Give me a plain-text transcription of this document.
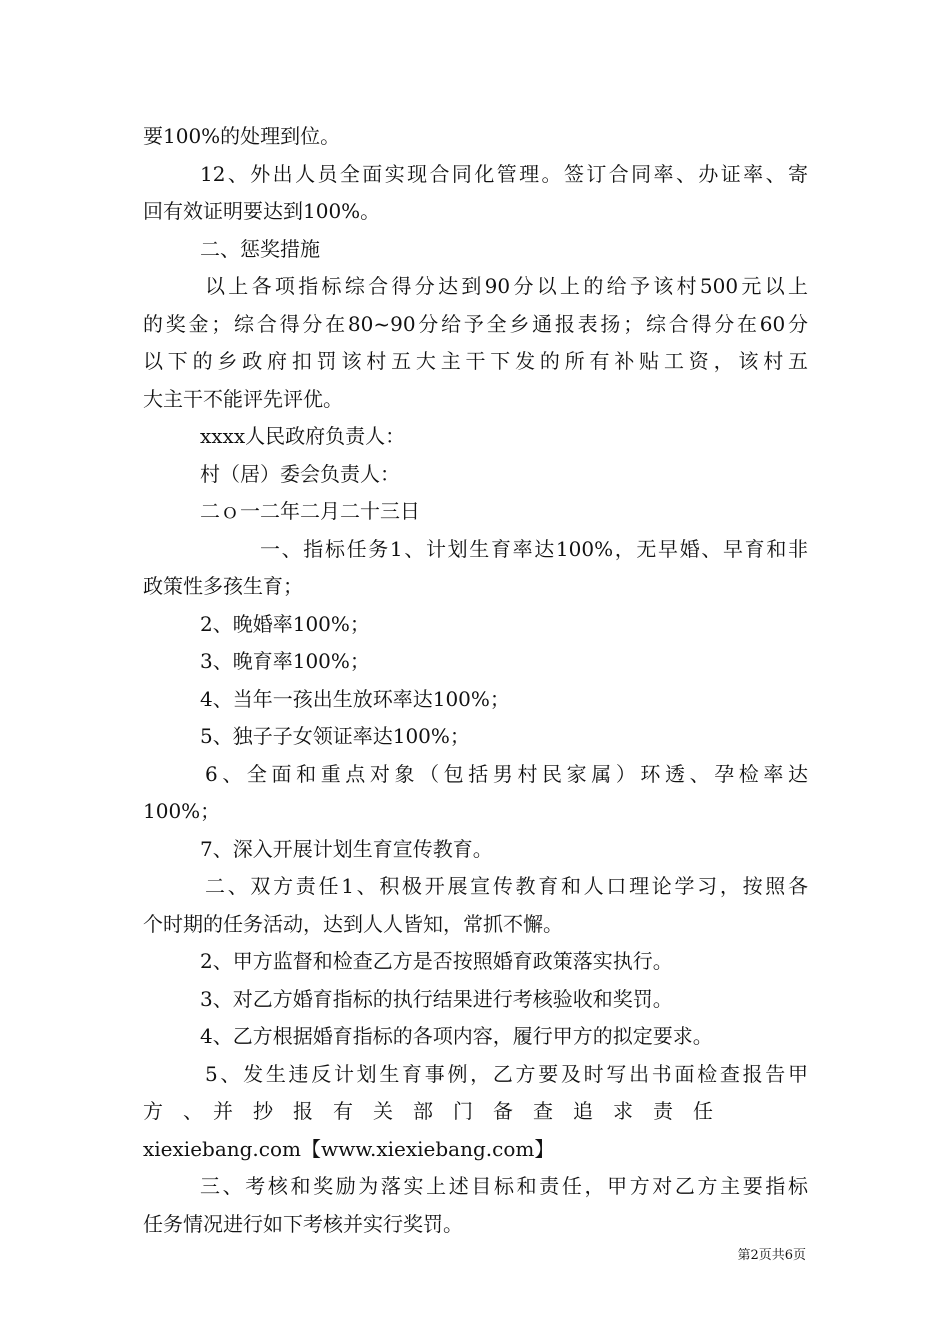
要100%的处理到位。
12、外出人员全面实现合同化管理。签订合同率、办证率、寄
回有效证明要达到100%。
二、惩奖措施
以上各项指标综合得分达到90分以上的给予该村500元以上
的奖金；综合得分在80~90分给予全乡通报表扬；综合得分在60分
以下的乡政府扣罚该村五大主干下发的所有补贴工资，该村五
大主干不能评先评优。
xxxx人民政府负责人：
村（居）委会负责人：
二ｏ一二年二月二十三日
一、指标任务1、计划生育率达100%，无早婚、早育和非
政策性多孩生育；
2、晚婚率100%；
3、晚育率100%；
4、当年一孩出生放环率达100%；
5、独子子女领证率达100%；
6、全面和重点对象（包括男村民家属）环透、孕检率达
100%；
7、深入开展计划生育宣传教育。
二、双方责任1、积极开展宣传教育和人口理论学习，按照各
个时期的任务活动，达到人人皆知，常抓不懈。
2、甲方监督和检查乙方是否按照婚育政策落实执行。
3、对乙方婚育指标的执行结果进行考核验收和奖罚。
4、乙方根据婚育指标的各项内容，履行甲方的拟定要求。
5、发生违反计划生育事例，乙方要及时写出书面检查报告甲
方　、　并　抄　报　有　关　部　门　备　查　追　求　责　任
xiexiebang.com【www.xiexiebang.com】
三、考核和奖励为落实上述目标和责任，甲方对乙方主要指标
任务情况进行如下考核并实行奖罚。
第2页共6页
